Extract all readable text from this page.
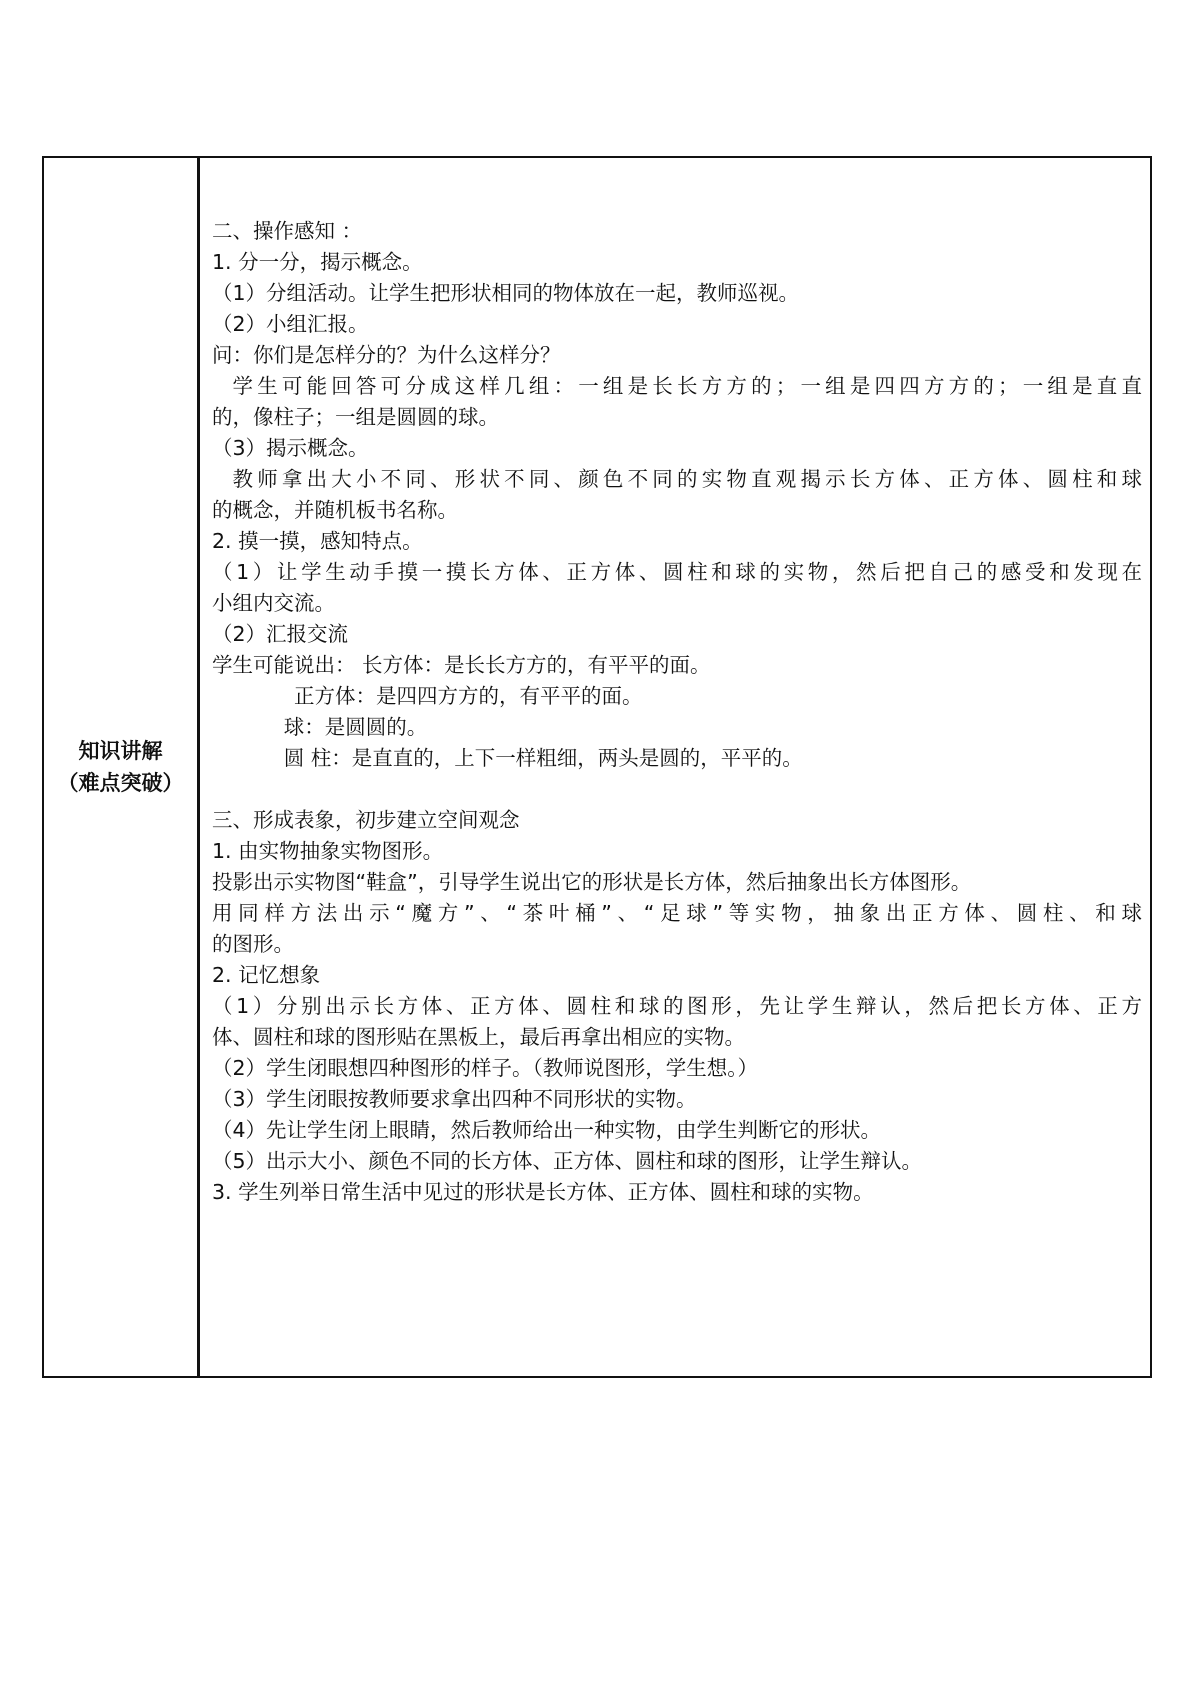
知识讲解
（难点突破）
二、操作感知 ：
1. 分一分，揭示概念。
（1）分组活动。让学生把形状相同的物体放在一起，教师巡视。
（2）小组汇报。
问：你们是怎样分的？为什么这样分？
学生可能回答可分成这样几组：一组是长长方方的；一组是四四方方的；一组是直直
的，像柱子；一组是圆圆的球。
（3）揭示概念。
教师拿出大小不同、形状不同、颜色不同的实物直观揭示长方体、正方体、圆柱和球
的概念，并随机板书名称。
2. 摸一摸，感知特点。
（1）让学生动手摸一摸长方体、正方体、圆柱和球的实物，然后把自己的感受和发现在
小组内交流。
（2）汇报交流
学生可能说出： 长方体：是长长方方的，有平平的面。
正方体：是四四方方的，有平平的面。
球：是圆圆的。
圆 柱：是直直的，上下一样粗细，两头是圆的，平平的。
三、形成表象，初步建立空间观念
1. 由实物抽象实物图形。
投影出示实物图“鞋盒”，引导学生说出它的形状是长方体，然后抽象出长方体图形。
用同样方法出示“魔方”、“茶叶桶”、“足球”等实物，抽象出正方体、圆柱、和球
的图形。
2. 记忆想象
（1）分别出示长方体、正方体、圆柱和球的图形，先让学生辩认，然后把长方体、正方
体、圆柱和球的图形贴在黑板上，最后再拿出相应的实物。
（2）学生闭眼想四种图形的样子。（教师说图形，学生想。）
（3）学生闭眼按教师要求拿出四种不同形状的实物。
（4）先让学生闭上眼睛，然后教师给出一种实物，由学生判断它的形状。
（5）出示大小、颜色不同的长方体、正方体、圆柱和球的图形，让学生辩认。
3. 学生列举日常生活中见过的形状是长方体、正方体、圆柱和球的实物。
